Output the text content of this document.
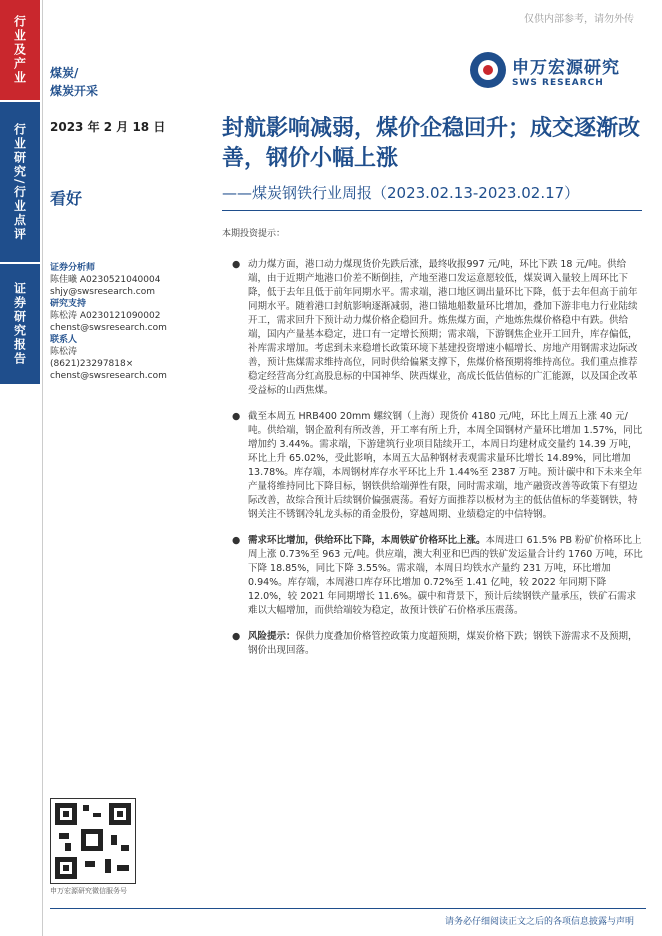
行业及产业
行业研究/行业点评
证券研究报告
仅供内部参考，请勿外传
煤炭/
煤炭开采
申万宏源研究
SWS RESEARCH
2023 年 2 月 18 日
看好
封航影响减弱，煤价企稳回升；成交逐渐改善，钢价小幅上涨
——煤炭钢铁行业周报（2023.02.13-2023.02.17）
证券分析师
陈佳曦 A0230521040004
shjy@swsresearch.com
研究支持
陈松涛 A0230121090002
chenst@swsresearch.com
联系人
陈松涛
(8621)23297818×
chenst@swsresearch.com
本期投资提示：
● 动力煤方面，港口动力煤现货价先跌后涨，最终收报997 元/吨，环比下跌 18 元/吨。供给端，由于近期产地港口价差不断倒挂，产地至港口发运意愿较低，煤炭调入量较上周环比下降，低于去年且低于前年同期水平。需求端，港口地区调出量环比下降，低于去年但高于前年同期水平。随着港口封航影响逐渐减弱，港口锚地船数量环比增加，叠加下游非电力行业陆续开工，需求回升下预计动力煤价格企稳回升。炼焦煤方面，产地炼焦煤价格稳中有跌。供给端，国内产量基本稳定，进口有一定增长预期；需求端，下游钢焦企业开工回升，库存偏低，补库需求增加。考虑到未来稳增长政策环境下基建投资增速小幅增长、房地产用钢需求边际改善，预计焦煤需求维持高位，同时供给偏紧支撑下，焦煤价格预期将维持高位。我们重点推荐稳定经营高分红高股息标的中国神华、陕西煤业，高成长低估值标的广汇能源，以及国企改革受益标的山西焦煤。
● 截至本周五 HRB400 20mm 螺纹钢（上海）现货价 4180 元/吨，环比上周五上涨 40 元/吨。供给端，钢企盈利有所改善，开工率有所上升，本周全国钢材产量环比增加 1.57%，同比增加约 3.44%。需求端，下游建筑行业项目陆续开工，本周日均建材成交量约 14.39 万吨，环比上升 65.02%，受此影响，本周五大品种钢材表观需求量环比增长 14.89%，同比增加 13.78%。库存端，本周钢材库存水平环比上升 1.44%至 2387 万吨。预计碳中和下未来全年产量将维持同比下降目标，钢铁供给端弹性有限，同时需求端，地产融资改善等政策下有望边际改善，故综合预计后续钢价偏强震荡。看好方面推荐以板材为主的低估值标的华菱钢铁，特钢关注不锈钢冷轧龙头标的甬金股份，穿越周期、业绩稳定的中信特钢。
● 需求环比增加，供给环比下降，本周铁矿价格环比上涨。本周进口 61.5% PB 粉矿价格环比上周上涨 0.73%至 963 元/吨。供应端，澳大利亚和巴西的铁矿发运量合计约 1760 万吨，环比下降 18.85%，同比下降 3.55%。需求端，本周日均铁水产量约 231 万吨，环比增加 0.94%。库存端，本周港口库存环比增加 0.72%至 1.41 亿吨，较 2022 年同期下降 12.0%，较 2021 年同期增长 11.6%。碳中和背景下，预计后续钢铁产量承压，铁矿石需求难以大幅增加，而供给端较为稳定，故预计铁矿石价格承压震荡。
● 风险提示：保供力度叠加价格管控政策力度超预期，煤炭价格下跌；钢铁下游需求不及预期，钢价出现回落。
申万宏源研究微信服务号
请务必仔细阅读正文之后的各项信息披露与声明
